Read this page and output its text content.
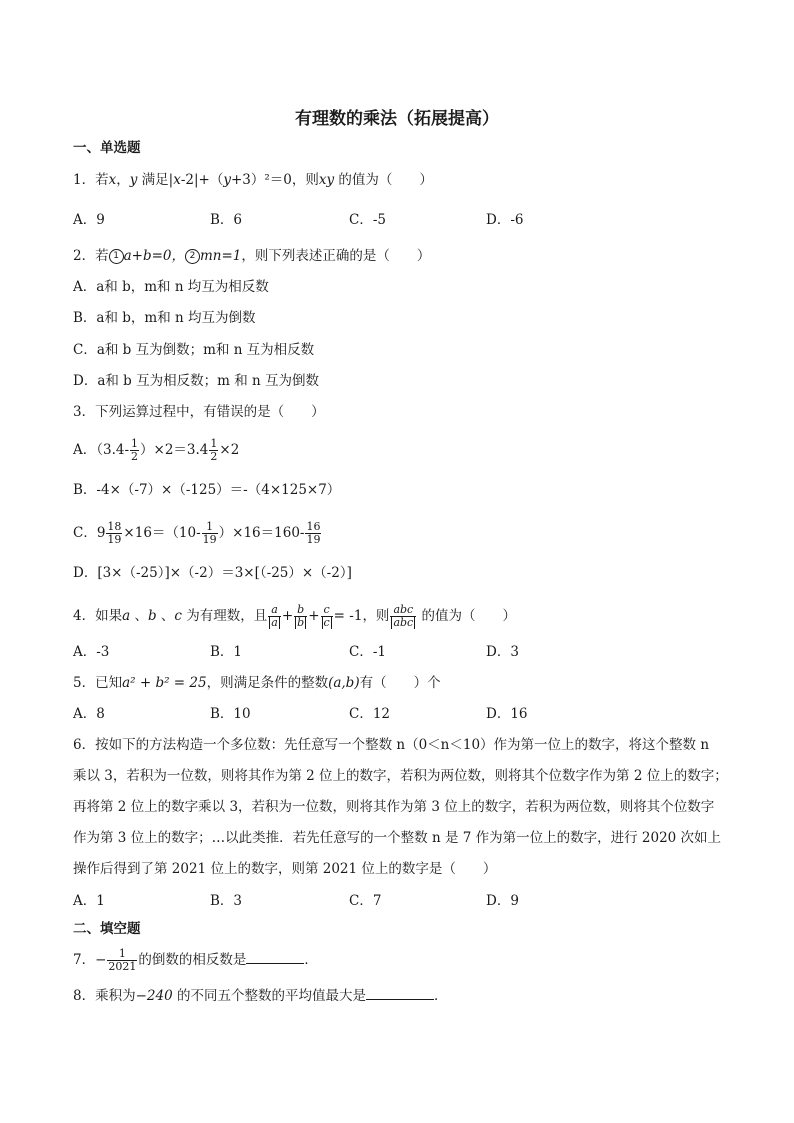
有理数的乘法（拓展提高）
一、单选题
1．若x，y 满足|x-2|+（y+3）²＝0，则xy 的值为（　　）
A．9	B．6	C．-5	D．-6
2．若 1 a+b=0， 2 mn=1，则下列表述正确的是（　　）
A．a和 b，m和 n 均互为相反数
B．a和 b，m和 n 均互为倒数
C．a和 b 互为倒数；m和 n 互为相反数
D．a和 b 互为相反数；m 和 n 互为倒数
3．下列运算过程中，有错误的是（　　）
A．$(3.4- \frac{1}{2} )\times 2=3.4 \frac{1}{2} \times 2$
B．-4×（-7）×（-125）＝-（4×125×7）
C．$9 \frac{18}{19} \times 16=(10- \frac{1}{19} )\times 16=160- \frac{16}{19}$
D．[3×（-25）]×（-2）＝3×[（-25）×（-2）]
4．如果a 、b 、c 为有理数，且 $\frac{a}{a} + \frac{b}{b} + \frac{c}{c} = -1$，则 $\frac{\text{abc}}{\text{abc}}$ 的值为（　　）
A．-3	B．1	C．-1	D．3
5．已知a² + b² = 25，则满足条件的整数(a,b)有（　　）个
A．8	B．10	C．12	D．16
6．按如下的方法构造一个多位数：先任意写一个整数 n（0＜n＜10）作为第一位上的数字，将这个整数 n
乘以 3，若积为一位数，则将其作为第 2 位上的数字，若积为两位数，则将其个位数字作为第 2 位上的数字；
再将第 2 位上的数字乘以 3，若积为一位数，则将其作为第 3 位上的数字，若积为两位数，则将其个位数字
作为第 3 位上的数字；…以此类推．若先任意写的一个整数 n 是 7 作为第一位上的数字，进行 2020 次如上
操作后得到了第 2021 位上的数字，则第 2021 位上的数字是（　　）
A．1	B．3	C．7	D．9
二、填空题
7．− $\frac{1}{2021}$ 的倒数的相反数是	．
8．乘积为−240 的不同五个整数的平均值最大是	．
